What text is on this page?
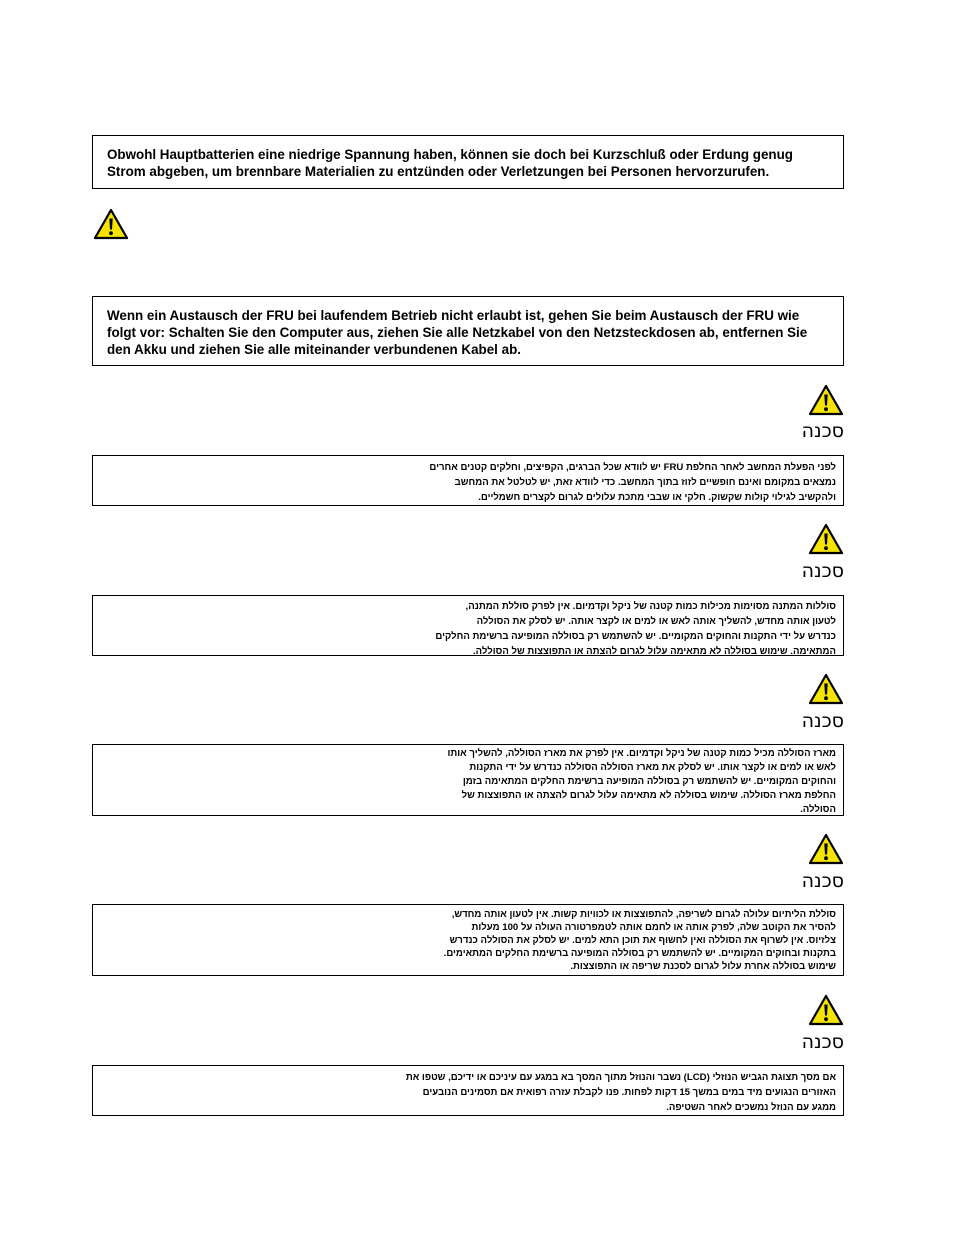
Obwohl Hauptbatterien eine niedrige Spannung haben, können sie doch bei Kurzschluß oder Erdung genug Strom abgeben, um brennbare Materialien zu entzünden oder Verletzungen bei Personen hervorzurufen.
Wenn ein Austausch der FRU bei laufendem Betrieb nicht erlaubt ist, gehen Sie beim Austausch der FRU wie folgt vor: Schalten Sie den Computer aus, ziehen Sie alle Netzkabel von den Netzsteckdosen ab, entfernen Sie den Akku und ziehen Sie alle miteinander verbundenen Kabel ab.
סכנה
לפני הפעלת המחשב לאחר החלפת FRU יש לוודא שכל הברגים, הקפיצים, וחלקים קטנים אחרים
נמצאים במקומם ואינם חופשיים לזוז בתוך המחשב. כדי לוודא זאת, יש לטלטל את המחשב
ולהקשיב לגילוי קולות שקשוק. חלקי או שבבי מתכת עלולים לגרום לקצרים חשמליים.
סכנה
סוללות המתנה מסוימות מכילות כמות קטנה של ניקל וקדמיום. אין לפרק סוללת המתנה,
לטעון אותה מחדש, להשליך אותה לאש או למים או לקצר אותה. יש לסלק את הסוללה
כנדרש על ידי התקנות והחוקים המקומיים. יש להשתמש רק בסוללה המופיעה ברשימת החלקים
המתאימה. שימוש בסוללה לא מתאימה עלול לגרום להצתה או התפוצצות של הסוללה.
סכנה
מארז הסוללה מכיל כמות קטנה של ניקל וקדמיום. אין לפרק את מארז הסוללה, להשליך אותו
לאש או למים או לקצר אותו. יש לסלק את מארז הסוללה הסוללה כנדרש על ידי התקנות
והחוקים המקומיים. יש להשתמש רק בסוללה המופיעה ברשימת החלקים המתאימה בזמן
החלפת מארז הסוללה. שימוש בסוללה לא מתאימה עלול לגרום להצתה או התפוצצות של
הסוללה.
סכנה
סוללת הליתיום עלולה לגרום לשריפה, להתפוצצות או לכוויות קשות. אין לטעון אותה מחדש,
להסיר את הקוטב שלה, לפרק אותה או לחמם אותה לטמפרטורה העולה על 100 מעלות
צלזיוס. אין לשרוף את הסוללה ואין לחשוף את תוכן התא למים. יש לסלק את הסוללה כנדרש
בתקנות ובחוקים המקומיים. יש להשתמש רק בסוללה המופיעה ברשימת החלקים המתאימים.
שימוש בסוללה אחרת עלול לגרום לסכנת שריפה או התפוצצות.
סכנה
אם מסך תצוגת הגביש הנוזלי (LCD) נשבר והנוזל מתוך המסך בא במגע עם עיניכם או ידיכם, שטפו את
האזורים הנגועים מיד במים במשך 15 דקות לפחות. פנו לקבלת עזרה רפואית אם תסמינים הנובעים
ממגע עם הנוזל נמשכים לאחר השטיפה.
